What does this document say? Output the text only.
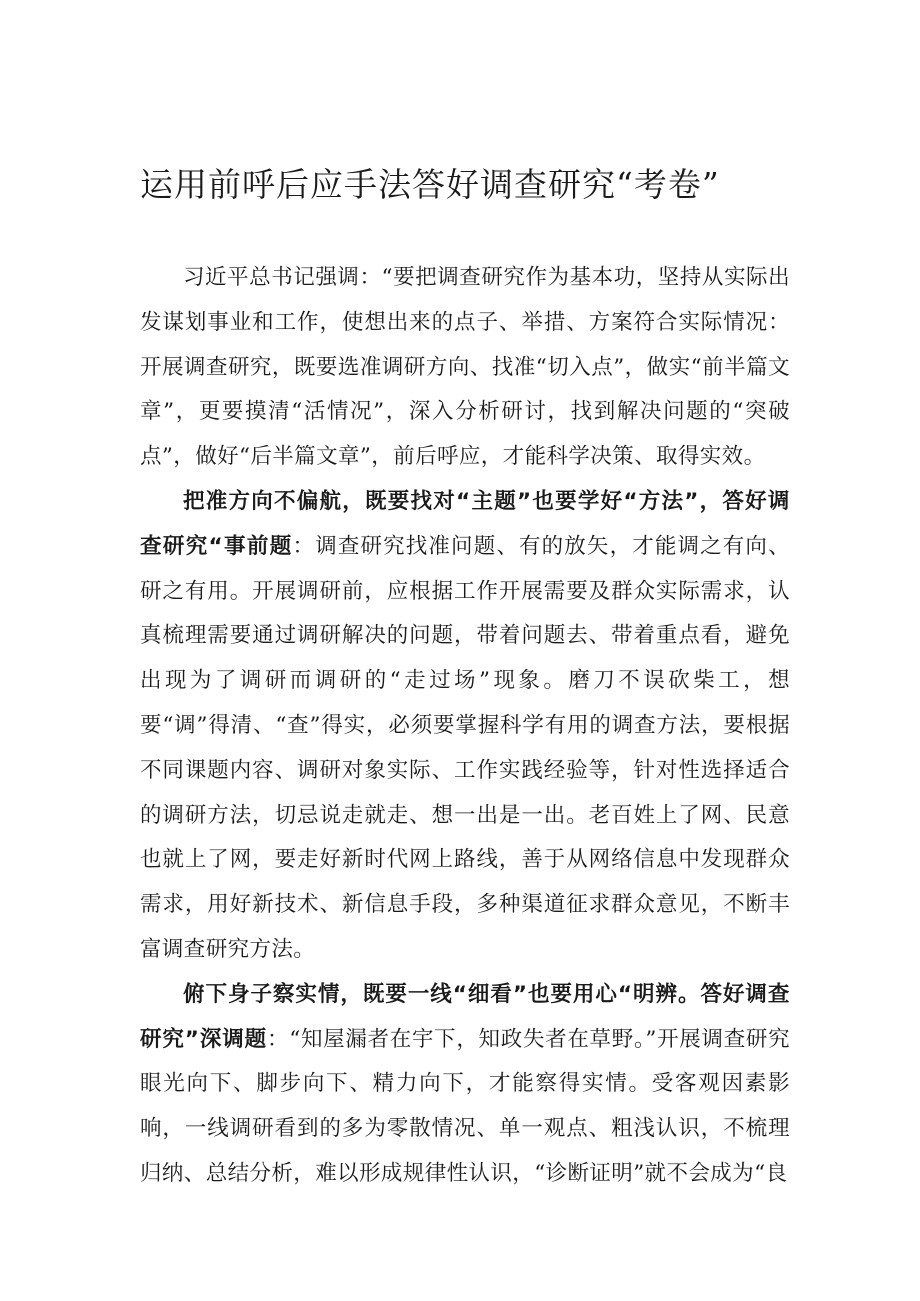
运用前呼后应手法答好调查研究“考卷”

习近平总书记强调：“要把调查研究作为基本功，坚持从实际出发谋划事业和工作，使想出来的点子、举措、方案符合实际情况：开展调查研究，既要选准调研方向、找准“切入点”，做实“前半篇文章”，更要摸清“活情况”，深入分析研讨，找到解决问题的“突破点”，做好“后半篇文章”，前后呼应，才能科学决策、取得实效。

把准方向不偏航，既要找对“主题”也要学好“方法”，答好调查研究“事前题：调查研究找准问题、有的放矢，才能调之有向、研之有用。开展调研前，应根据工作开展需要及群众实际需求，认真梳理需要通过调研解决的问题，带着问题去、带着重点看，避免出现为了调研而调研的“走过场”现象。磨刀不误砍柴工，想要“调”得清、“查”得实，必须要掌握科学有用的调查方法，要根据不同课题内容、调研对象实际、工作实践经验等，针对性选择适合的调研方法，切忌说走就走、想一出是一出。老百姓上了网、民意也就上了网，要走好新时代网上路线，善于从网络信息中发现群众需求，用好新技术、新信息手段，多种渠道征求群众意见，不断丰富调查研究方法。

俯下身子察实情，既要一线“细看”也要用心“明辨。答好调查研究”深调题：“知屋漏者在宇下，知政失者在草野。”开展调查研究眼光向下、脚步向下、精力向下，才能察得实情。受客观因素影响，一线调研看到的多为零散情况、单一观点、粗浅认识，不梳理归纳、总结分析，难以形成规律性认识，“诊断证明”就不会成为“良
